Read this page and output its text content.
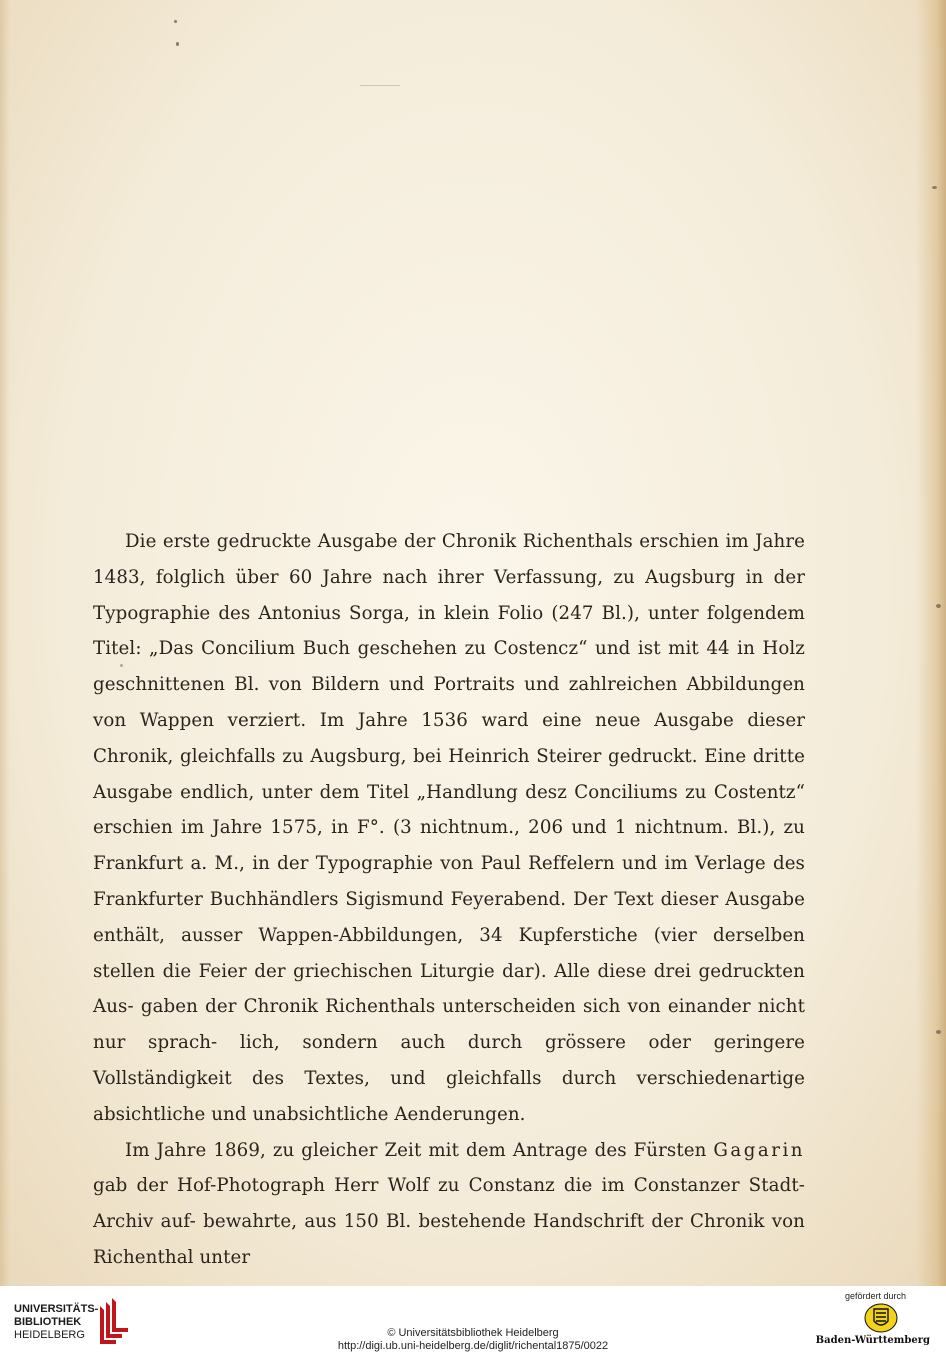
Die erste gedruckte Ausgabe der Chronik Richenthals erschien im Jahre 1483, folglich über 60 Jahre nach ihrer Verfassung, zu Augsburg in der Typographie des Antonius Sorga, in klein Folio (247 Bl.), unter folgendem Titel: „Das Concilium Buch geschehen zu Costencz“ und ist mit 44 in Holz geschnittenen Bl. von Bildern und Portraits und zahlreichen Abbildungen von Wappen verziert. Im Jahre 1536 ward eine neue Ausgabe dieser Chronik, gleichfalls zu Augsburg, bei Heinrich Steirer gedruckt. Eine dritte Ausgabe endlich, unter dem Titel „Handlung desz Conciliums zu Costentz“ erschien im Jahre 1575, in F°. (3 nichtnum., 206 und 1 nichtnum. Bl.), zu Frankfurt a. M., in der Typographie von Paul Reffelern und im Verlage des Frankfurter Buchhändlers Sigismund Feyerabend. Der Text dieser Ausgabe enthält, ausser Wappen-Abbildungen, 34 Kupferstiche (vier derselben stellen die Feier der griechischen Liturgie dar). Alle diese drei gedruckten Aus- gaben der Chronik Richenthals unterscheiden sich von einander nicht nur sprach- lich, sondern auch durch grössere oder geringere Vollständigkeit des Textes, und gleichfalls durch verschiedenartige absichtliche und unabsichtliche Aenderungen.

Im Jahre 1869, zu gleicher Zeit mit dem Antrage des Fürsten Gagarin gab der Hof-Photograph Herr Wolf zu Constanz die im Constanzer Stadt-Archiv auf- bewahrte, aus 150 Bl. bestehende Handschrift der Chronik von Richenthal unter

UNIVERSITÄTS-
BIBLIOTHEK
HEIDELBERG	© Universitätsbibliothek Heidelberg
http://digi.ub.uni-heidelberg.de/diglit/richental1875/0022
gefördert durch
Baden-Württemberg
